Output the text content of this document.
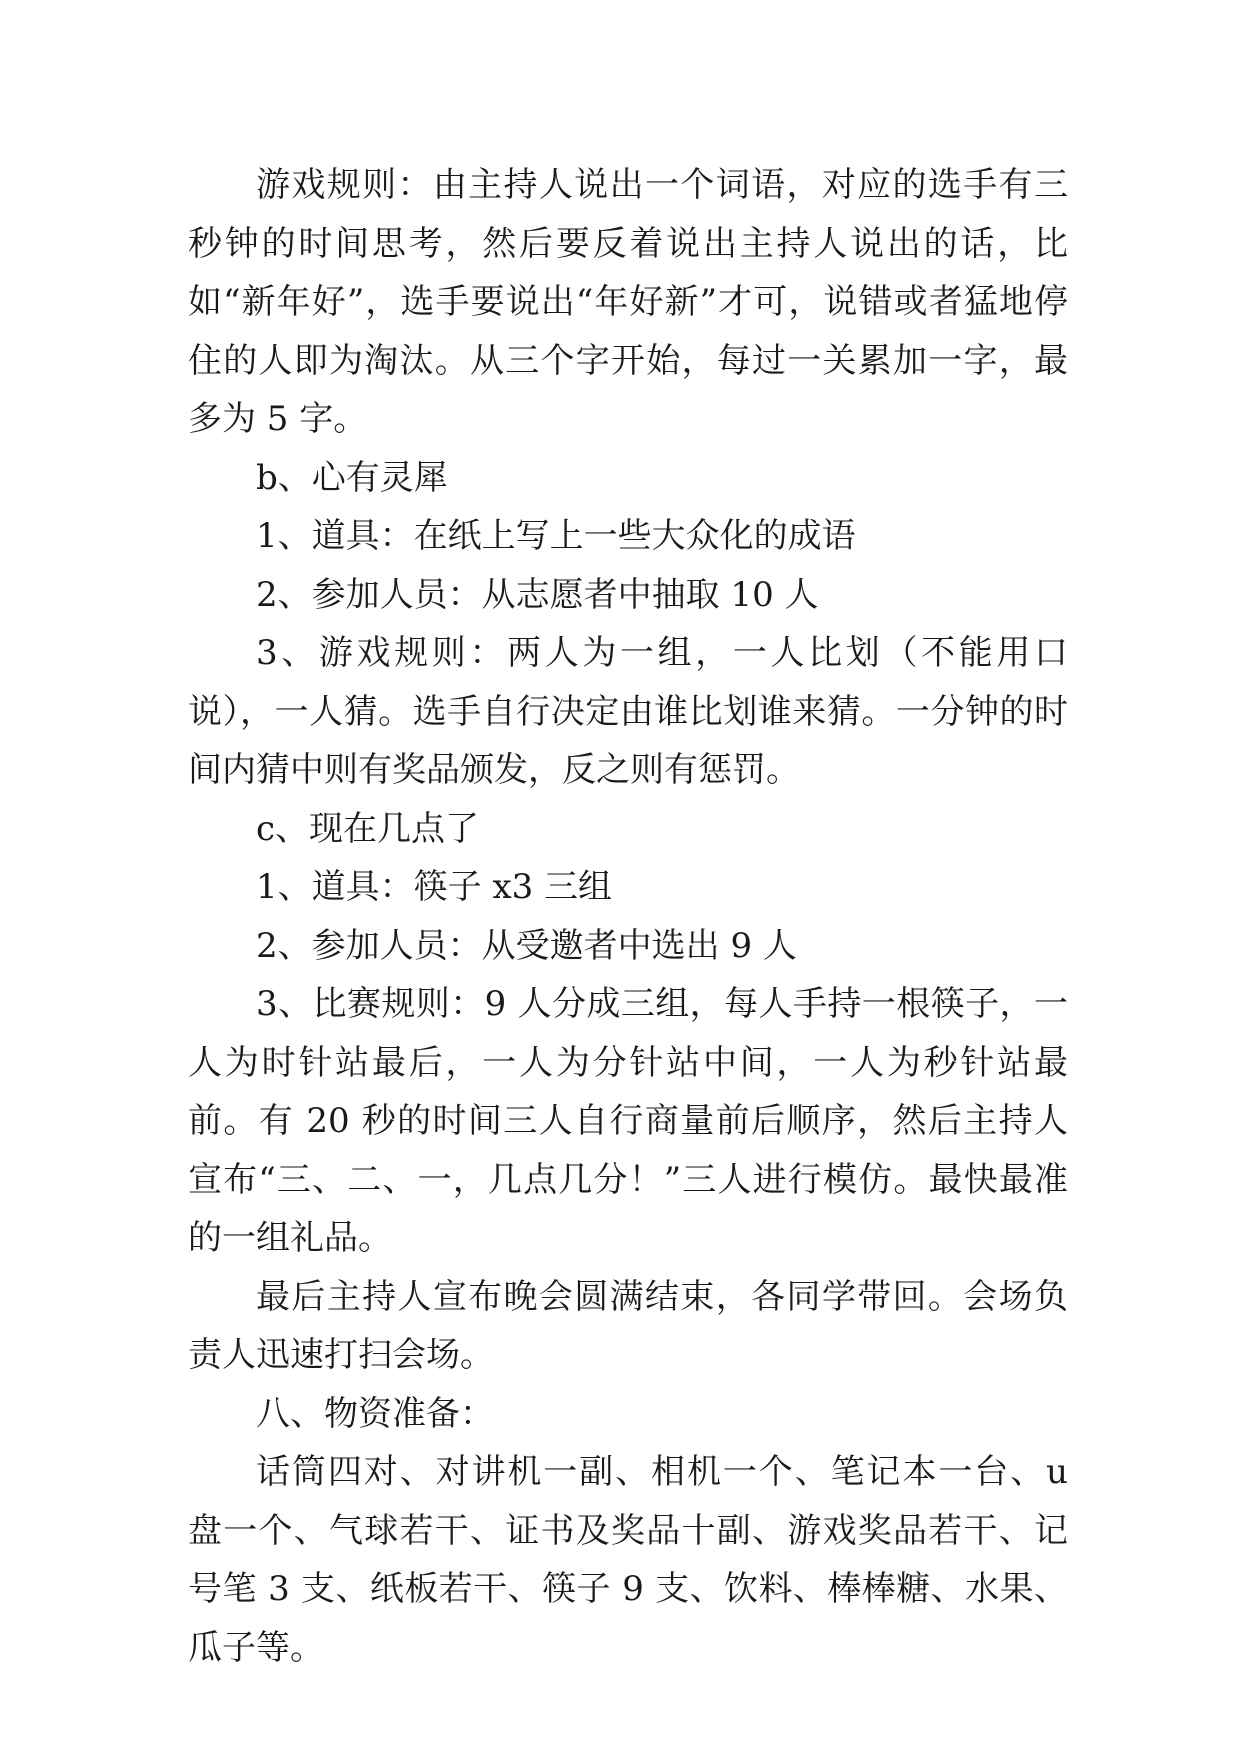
游戏规则：由主持人说出一个词语，对应的选手有三秒钟的时间思考，然后要反着说出主持人说出的话，比如“新年好”，选手要说出“年好新”才可，说错或者猛地停住的人即为淘汰。从三个字开始，每过一关累加一字，最多为 5 字。

b、心有灵犀

1、道具：在纸上写上一些大众化的成语

2、参加人员：从志愿者中抽取 10 人

3、游戏规则：两人为一组，一人比划（不能用口说），一人猜。选手自行决定由谁比划谁来猜。一分钟的时间内猜中则有奖品颁发，反之则有惩罚。

c、现在几点了

1、道具：筷子 x3 三组

2、参加人员：从受邀者中选出 9 人

3、比赛规则：9 人分成三组，每人手持一根筷子，一人为时针站最后，一人为分针站中间，一人为秒针站最前。有 20 秒的时间三人自行商量前后顺序，然后主持人宣布“三、二、一，几点几分！”三人进行模仿。最快最准的一组礼品。

最后主持人宣布晚会圆满结束，各同学带回。会场负责人迅速打扫会场。

八、物资准备：

话筒四对、对讲机一副、相机一个、笔记本一台、u 盘一个、气球若干、证书及奖品十副、游戏奖品若干、记号笔 3 支、纸板若干、筷子 9 支、饮料、棒棒糖、水果、瓜子等。
